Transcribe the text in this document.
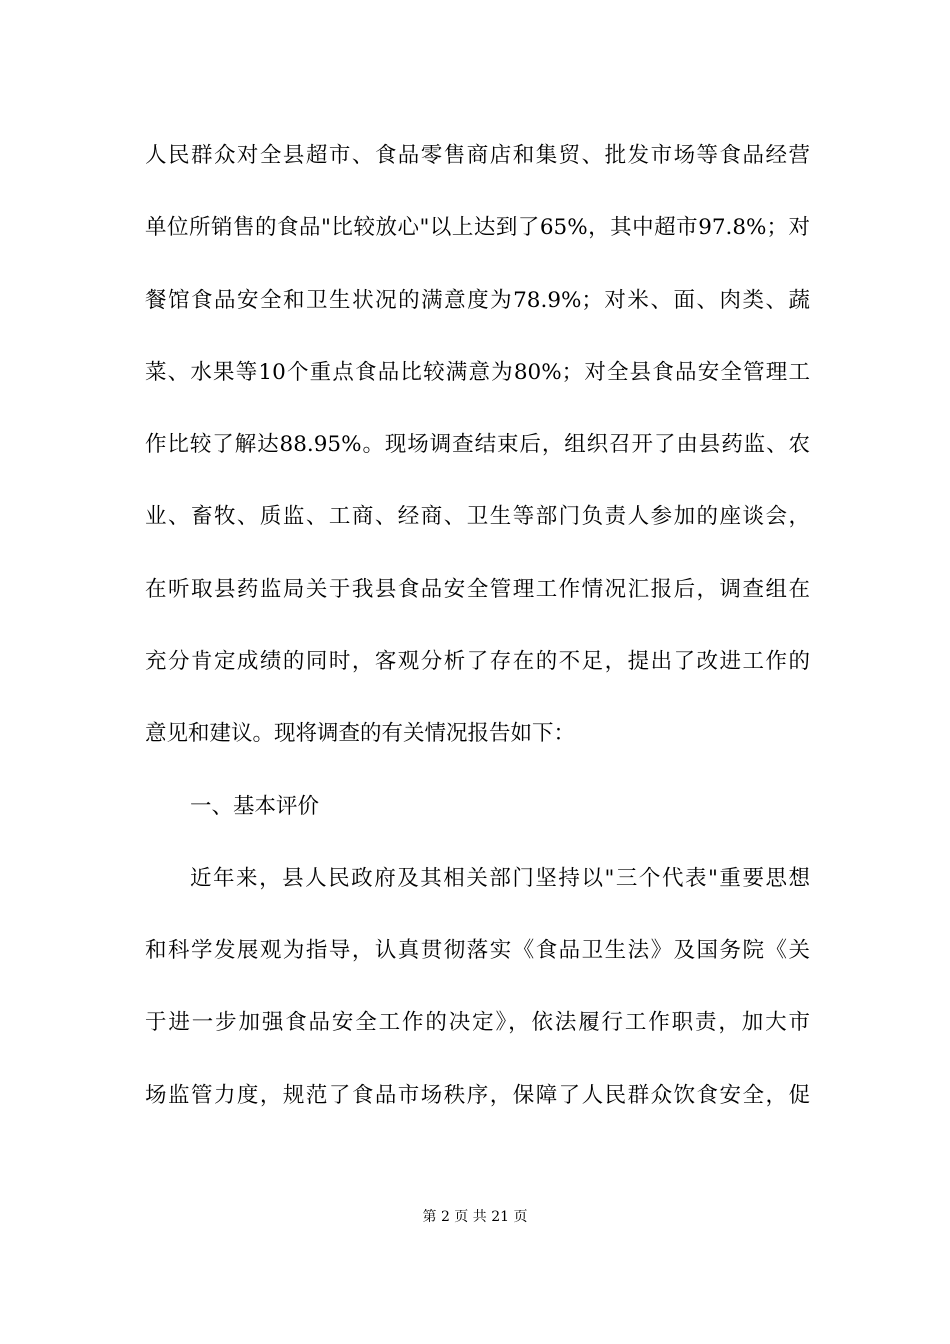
人民群众对全县超市、食品零售商店和集贸、批发市场等食品经营
单位所销售的食品"比较放心"以上达到了65%，其中超市97.8%；对
餐馆食品安全和卫生状况的满意度为78.9%；对米、面、肉类、蔬
菜、水果等10个重点食品比较满意为80%；对全县食品安全管理工
作比较了解达88.95%。现场调查结束后，组织召开了由县药监、农
业、畜牧、质监、工商、经商、卫生等部门负责人参加的座谈会，
在听取县药监局关于我县食品安全管理工作情况汇报后，调查组在
充分肯定成绩的同时，客观分析了存在的不足，提出了改进工作的
意见和建议。现将调查的有关情况报告如下：
一、基本评价
近年来，县人民政府及其相关部门坚持以"三个代表"重要思想
和科学发展观为指导，认真贯彻落实《食品卫生法》及国务院《关
于进一步加强食品安全工作的决定》，依法履行工作职责，加大市
场监管力度，规范了食品市场秩序，保障了人民群众饮食安全，促
第 2 页 共 21 页
